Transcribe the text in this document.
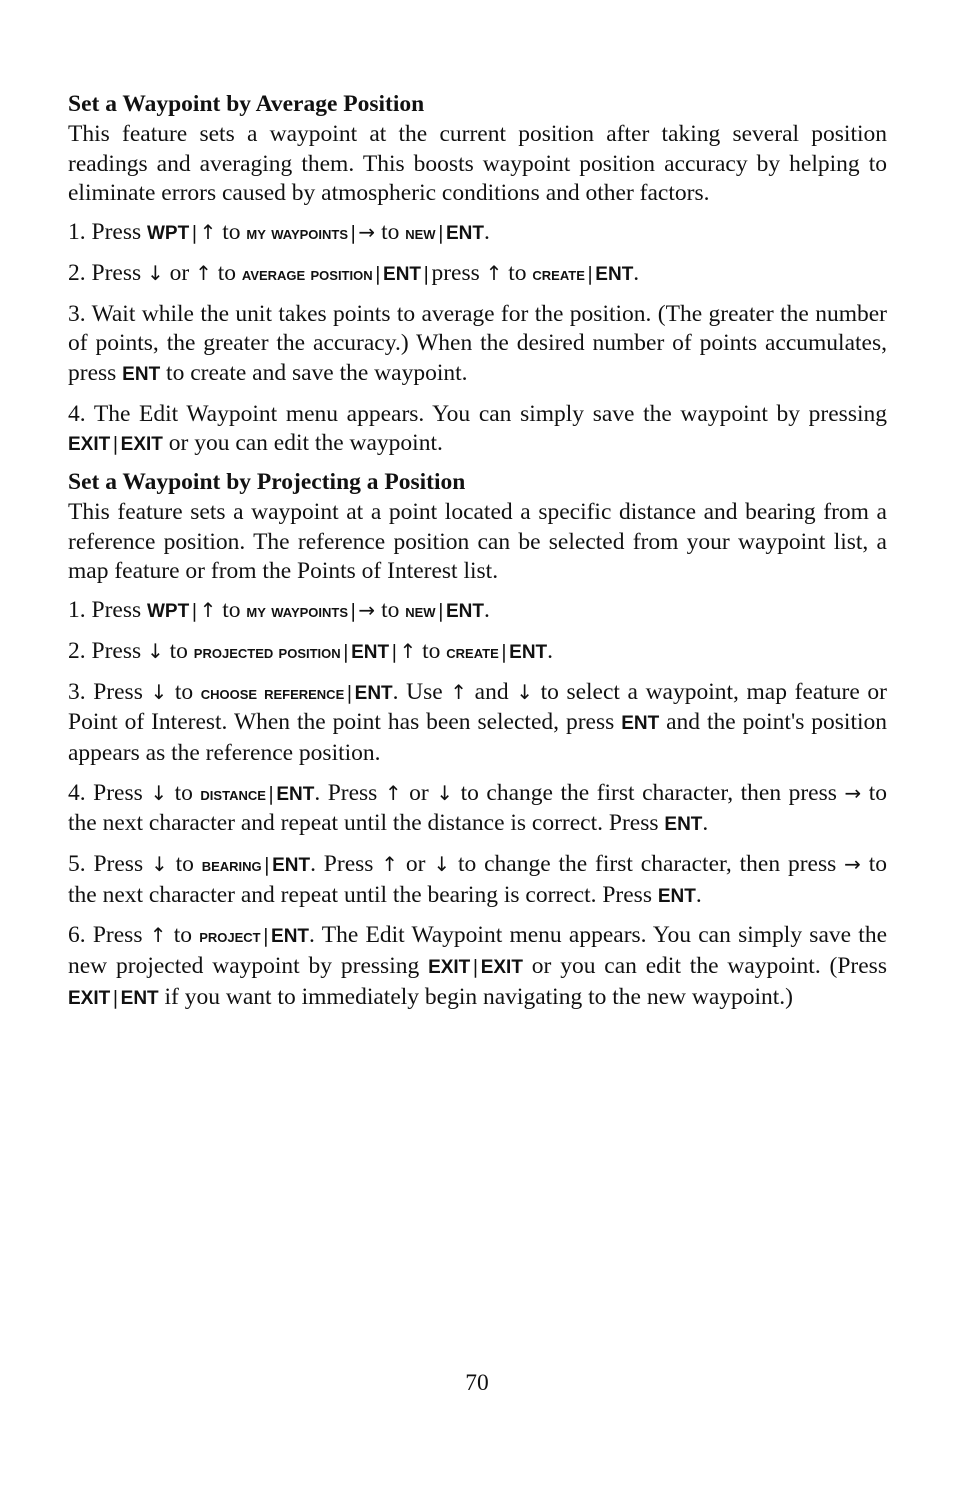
Set a Waypoint by Average Position

This feature sets a waypoint at the current position after taking several position readings and averaging them. This boosts waypoint position accuracy by helping to eliminate errors caused by atmospheric conditions and other factors.

1. Press WPT | ↑ to my waypoints | → to new | ENT.

2. Press ↓ or ↑ to average position | ENT |press ↑ to create | ENT.

3. Wait while the unit takes points to average for the position. (The greater the number of points, the greater the accuracy.) When the desired number of points accumulates, press ENT to create and save the waypoint.

4. The Edit Waypoint menu appears. You can simply save the waypoint by pressing EXIT | EXIT or you can edit the waypoint.

Set a Waypoint by Projecting a Position

This feature sets a waypoint at a point located a specific distance and bearing from a reference position. The reference position can be selected from your waypoint list, a map feature or from the Points of Interest list.

1. Press WPT | ↑ to my waypoints | → to new | ENT.

2. Press ↓ to projected position | ENT | ↑ to create | ENT.

3. Press ↓ to choose reference | ENT. Use ↑ and ↓ to select a waypoint, map feature or Point of Interest. When the point has been selected, press ENT and the point's position appears as the reference position.

4. Press ↓ to distance | ENT. Press ↑ or ↓ to change the first character, then press → to the next character and repeat until the distance is correct. Press ENT.

5. Press ↓ to bearing | ENT. Press ↑ or ↓ to change the first character, then press → to the next character and repeat until the bearing is correct. Press ENT.

6. Press ↑ to project | ENT. The Edit Waypoint menu appears. You can simply save the new projected waypoint by pressing EXIT | EXIT or you can edit the waypoint. (Press EXIT | ENT if you want to immediately begin navigating to the new waypoint.)

70
